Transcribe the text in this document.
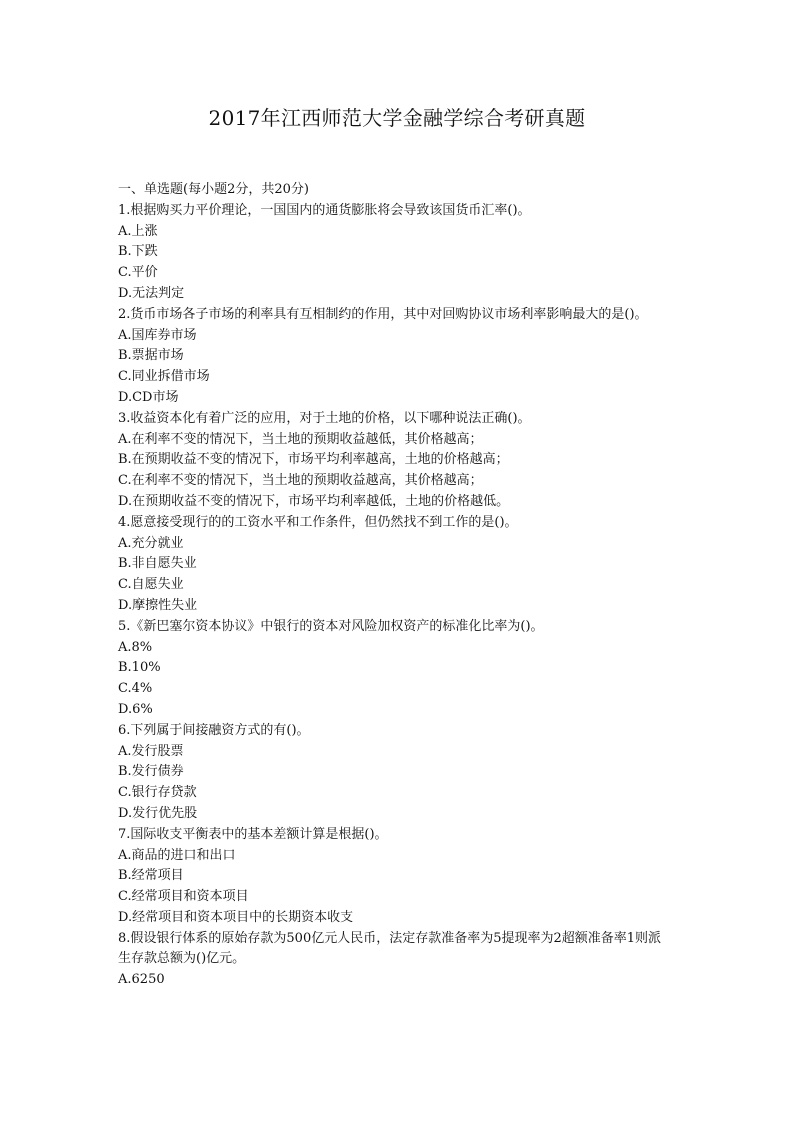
2017年江西师范大学金融学综合考研真题
一、单选题(每小题2分，共20分)
1.根据购买力平价理论，一国国内的通货膨胀将会导致该国货币汇率()。
A.上涨
B.下跌
C.平价
D.无法判定
2.货币市场各子市场的利率具有互相制约的作用，其中对回购协议市场利率影响最大的是()。
A.国库券市场
B.票据市场
C.同业拆借市场
D.CD市场
3.收益资本化有着广泛的应用，对于土地的价格，以下哪种说法正确()。
A.在利率不变的情况下，当土地的预期收益越低，其价格越高；
B.在预期收益不变的情况下，市场平均利率越高，土地的价格越高；
C.在利率不变的情况下，当土地的预期收益越高，其价格越高；
D.在预期收益不变的情况下，市场平均利率越低，土地的价格越低。
4.愿意接受现行的的工资水平和工作条件，但仍然找不到工作的是()。
A.充分就业
B.非自愿失业
C.自愿失业
D.摩擦性失业
5.《新巴塞尔资本协议》中银行的资本对风险加权资产的标准化比率为()。
A.8%
B.10%
C.4%
D.6%
6.下列属于间接融资方式的有()。
A.发行股票
B.发行债券
C.银行存贷款
D.发行优先股
7.国际收支平衡表中的基本差额计算是根据()。
A.商品的进口和出口
B.经常项目
C.经常项目和资本项目
D.经常项目和资本项目中的长期资本收支
8.假设银行体系的原始存款为500亿元人民币，法定存款准备率为5提现率为2超额准备率1则派生存款总额为()亿元。
A.6250
